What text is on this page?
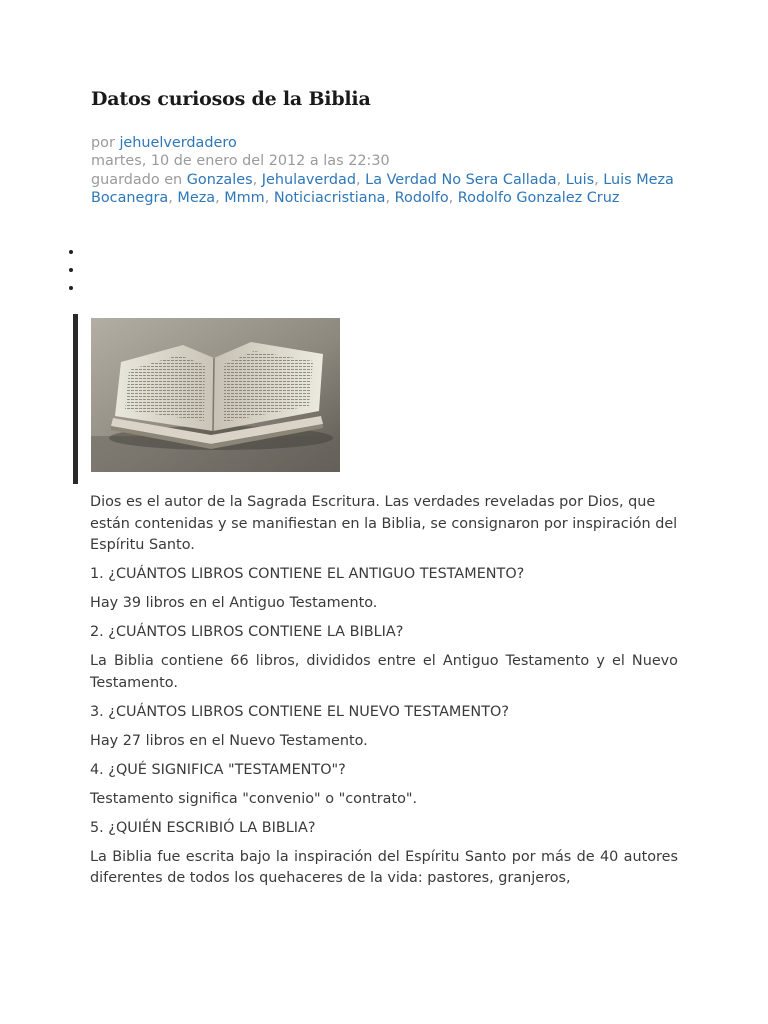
Datos curiosos de la Biblia
por jehuelverdadero
martes, 10 de enero del 2012 a las 22:30
guardado en Gonzales, Jehulaverdad, La Verdad No Sera Callada, Luis, Luis Meza Bocanegra, Meza, Mmm, Noticiacristiana, Rodolfo, Rodolfo Gonzalez Cruz

Dios es el autor de la Sagrada Escritura. Las verdades reveladas por Dios, que están contenidas y se manifiestan en la Biblia, se consignaron por inspiración del Espíritu Santo.

1. ¿CUÁNTOS LIBROS CONTIENE EL ANTIGUO TESTAMENTO?

Hay 39 libros en el Antiguo Testamento.

2. ¿CUÁNTOS LIBROS CONTIENE LA BIBLIA?

La Biblia contiene 66 libros, divididos entre el Antiguo Testamento y el Nuevo Testamento.

3. ¿CUÁNTOS LIBROS CONTIENE EL NUEVO TESTAMENTO?

Hay 27 libros en el Nuevo Testamento.

4. ¿QUÉ SIGNIFICA "TESTAMENTO"?

Testamento significa "convenio" o "contrato".

5. ¿QUIÉN ESCRIBIÓ LA BIBLIA?

La Biblia fue escrita bajo la inspiración del Espíritu Santo por más de 40 autores diferentes de todos los quehaceres de la vida: pastores, granjeros,
